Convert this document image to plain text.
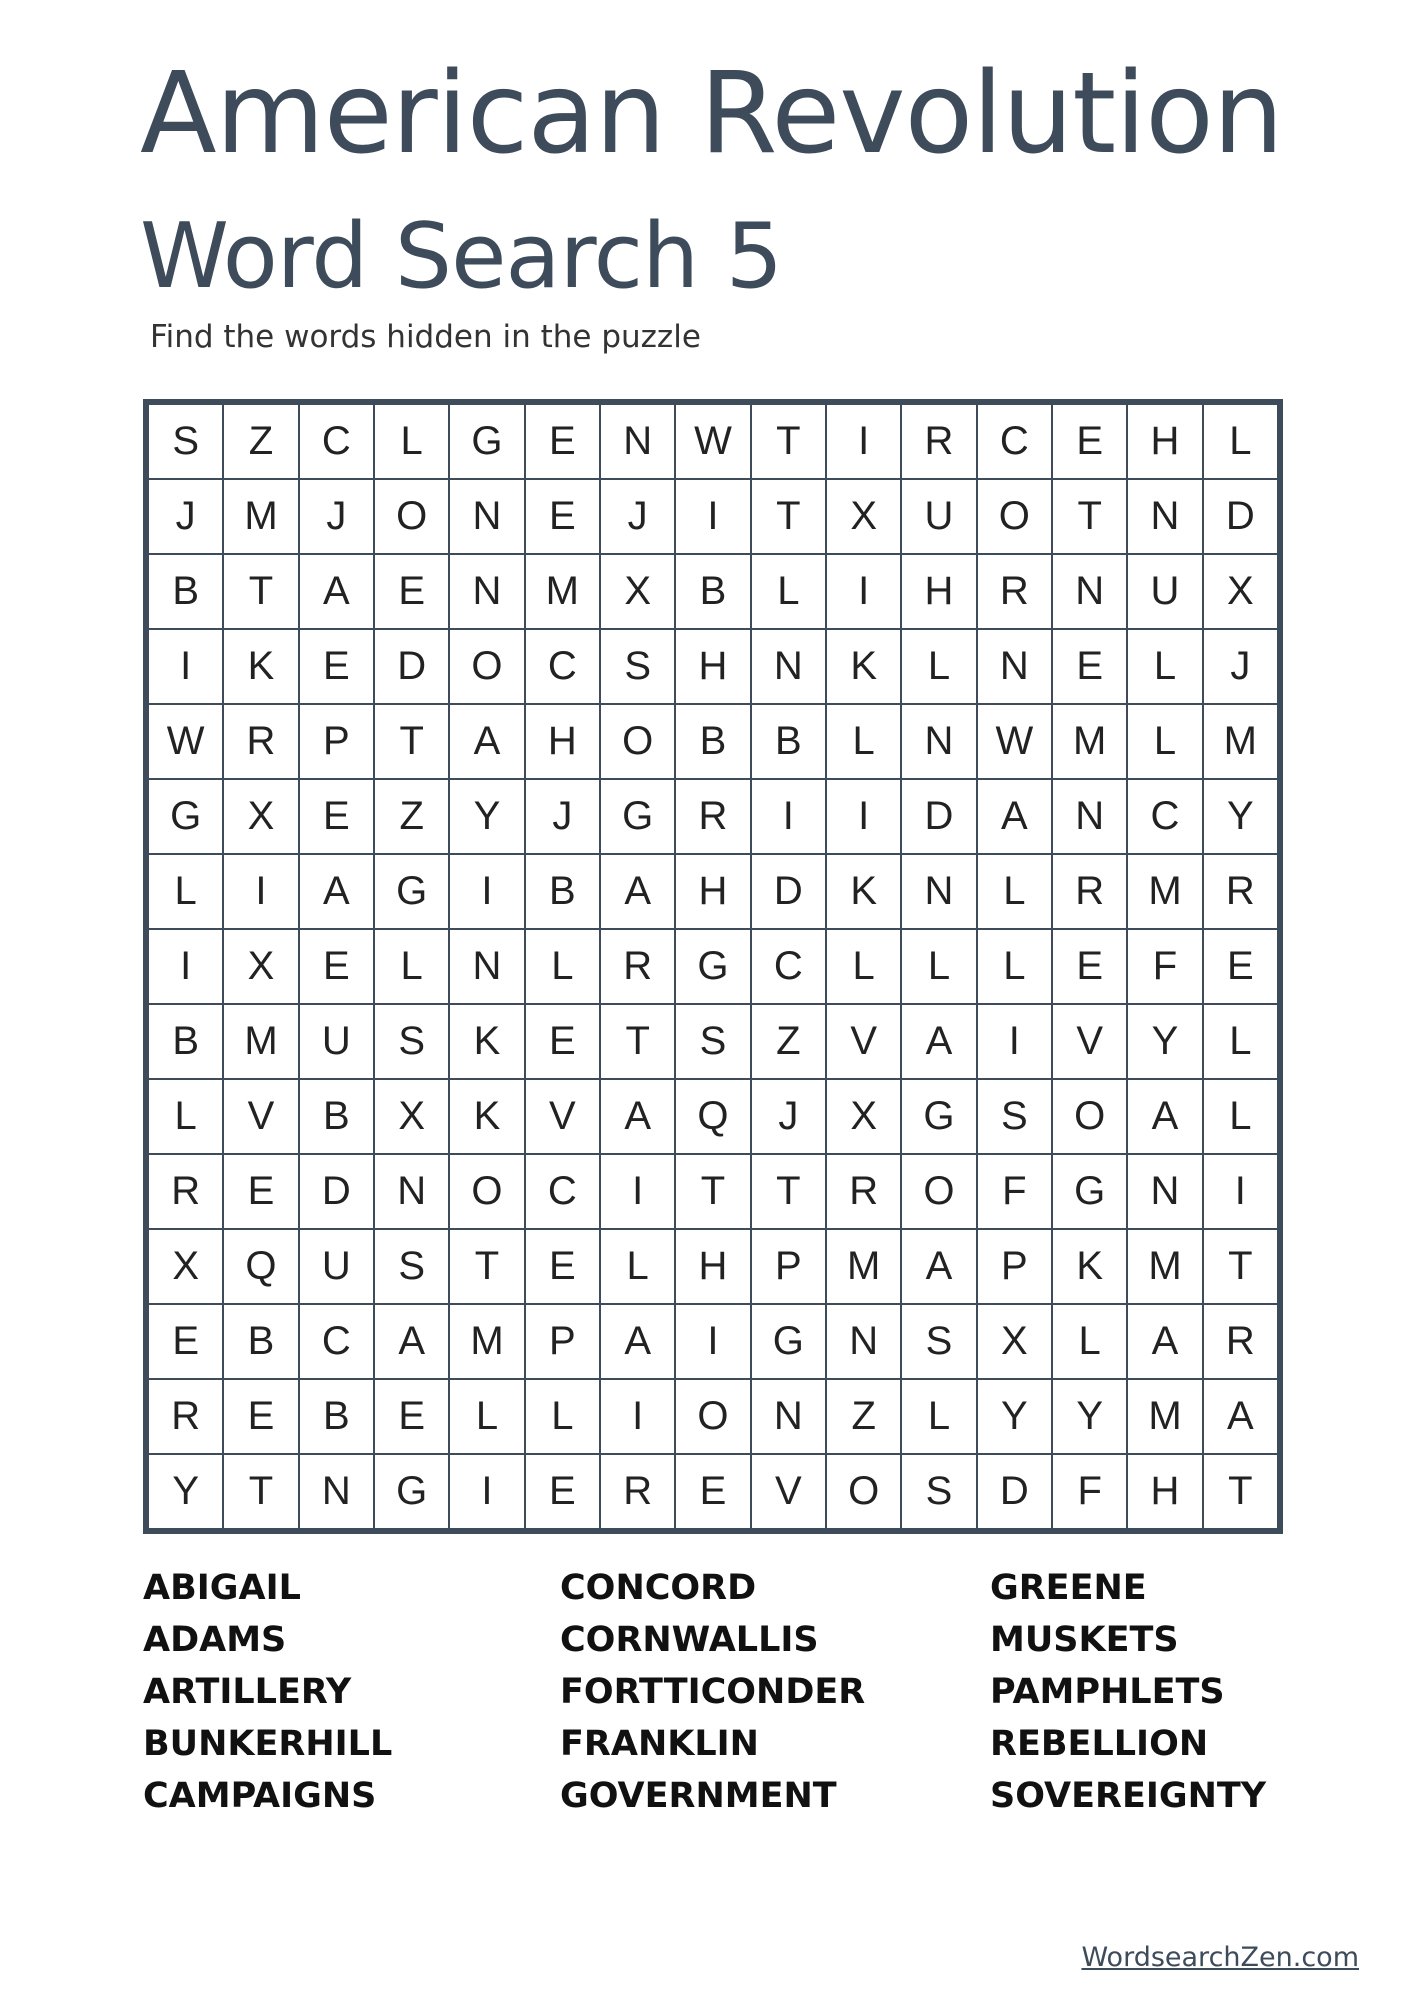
American Revolution
Word Search 5
Find the words hidden in the puzzle
S	Z	C	L	G	E	N	W	T	I	R	C	E	H	L
J	M	J	O	N	E	J	I	T	X	U	O	T	N	D
B	T	A	E	N	M	X	B	L	I	H	R	N	U	X
I	K	E	D	O	C	S	H	N	K	L	N	E	L	J
W	R	P	T	A	H	O	B	B	L	N	W M	L	M
G	X	E	Z	Y	J	G	R	I	I	D	A	N	C	Y
L	I	A	G	I	B	A	H	D	K	N	L	R	M	R
I	X	E	L	N	L	R	G	C	L	L	L	E	F	E
B	M	U	S	K	E	T	S	Z	V	A	I	V	Y	L
L	V	B	X	K	V	A	Q	J	X	G	S	O	A	L
R	E	D	N	O	C	I	T	T	R	O	F	G	N	I
X	Q	U	S	T	E	L	H	P	M	A	P	K	M	T
E	B	C	A	M	P	A	I	G	N	S	X	L	A	R
R	E	B	E	L	L	I	O	N	Z	L	Y	Y	M	A
Y	T	N	G	I	E	R	E	V	O	S	D	F	H	T
ABIGAIL
ADAMS
ARTILLERY
BUNKERHILL
CAMPAIGNS
CONCORD
CORNWALLIS
FORTTICONDER
FRANKLIN
GOVERNMENT
GREENE
MUSKETS
PAMPHLETS
REBELLION
SOVEREIGNTY
WordsearchZen.com
